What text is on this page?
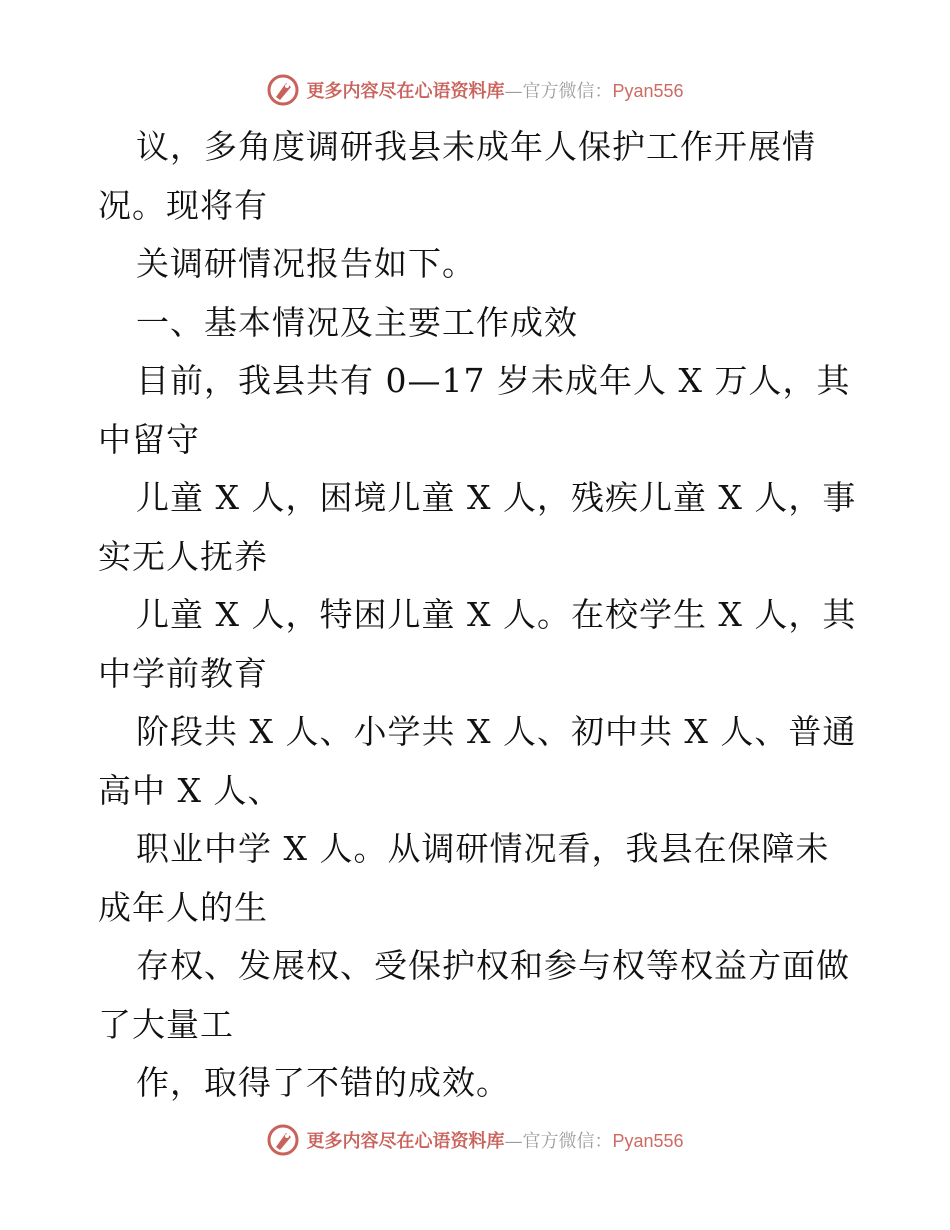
更多内容尽在心语资料库—官方微信：Pyan556
议，多角度调研我县未成年人保护工作开展情
况。现将有
关调研情况报告如下。
一、基本情况及主要工作成效
目前，我县共有 0—17 岁未成年人 X 万人，其
中留守
儿童 X 人，困境儿童 X 人，残疾儿童 X 人，事
实无人抚养
儿童 X 人，特困儿童 X 人。在校学生 X 人，其
中学前教育
阶段共 X 人、小学共 X 人、初中共 X 人、普通
高中 X 人、
职业中学 X 人。从调研情况看，我县在保障未
成年人的生
存权、发展权、受保护权和参与权等权益方面做
了大量工
作，取得了不错的成效。
更多内容尽在心语资料库—官方微信：Pyan556
